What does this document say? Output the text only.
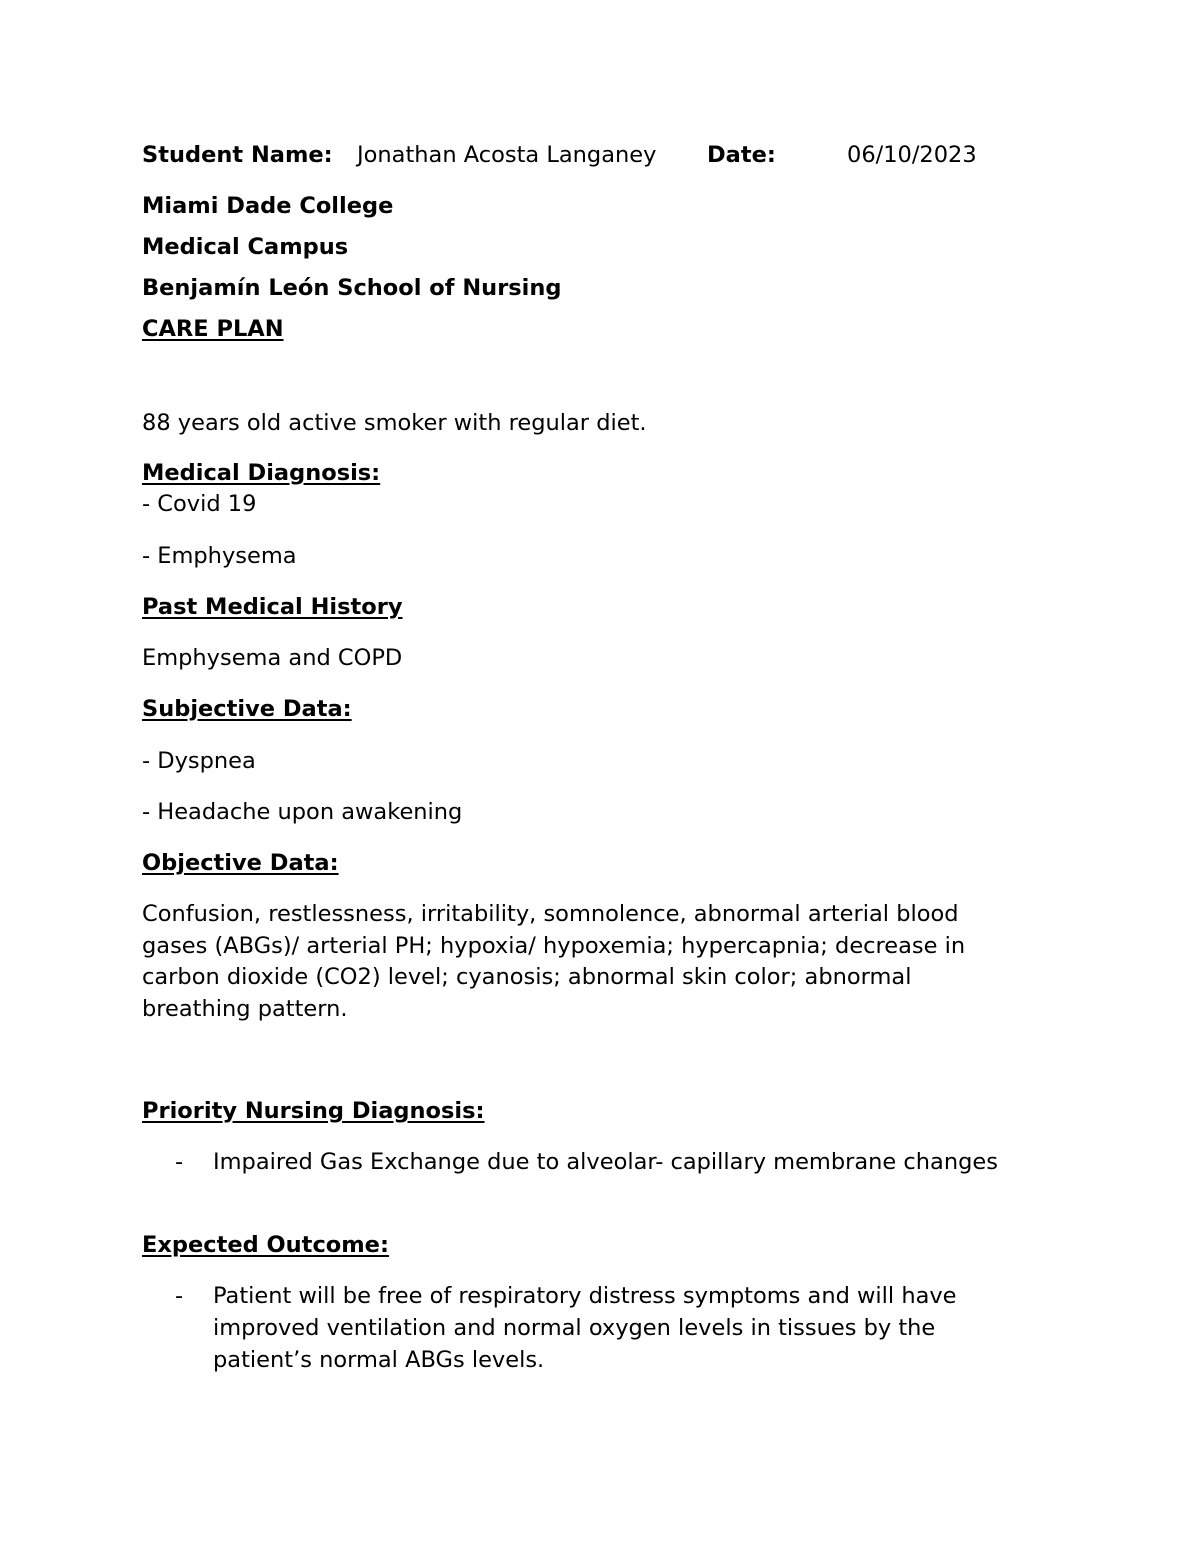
Student Name: Jonathan Acosta Langaney Date:	06/10/2023
Miami Dade College
Medical Campus
Benjamín León School of Nursing
CARE PLAN
88 years old active smoker with regular diet.
Medical Diagnosis:
- Covid 19
- Emphysema
Past Medical History
Emphysema and COPD
Subjective Data:
- Dyspnea
- Headache upon awakening
Objective Data:
Confusion, restlessness, irritability, somnolence, abnormal arterial blood
gases (ABGs)/ arterial PH; hypoxia/ hypoxemia; hypercapnia; decrease in
carbon dioxide (CO2) level; cyanosis; abnormal skin color; abnormal
breathing pattern.
Priority Nursing Diagnosis:
- Impaired Gas Exchange due to alveolar- capillary membrane changes
Expected Outcome:
- Patient will be free of respiratory distress symptoms and will have
improved ventilation and normal oxygen levels in tissues by the
patient’s normal ABGs levels.
